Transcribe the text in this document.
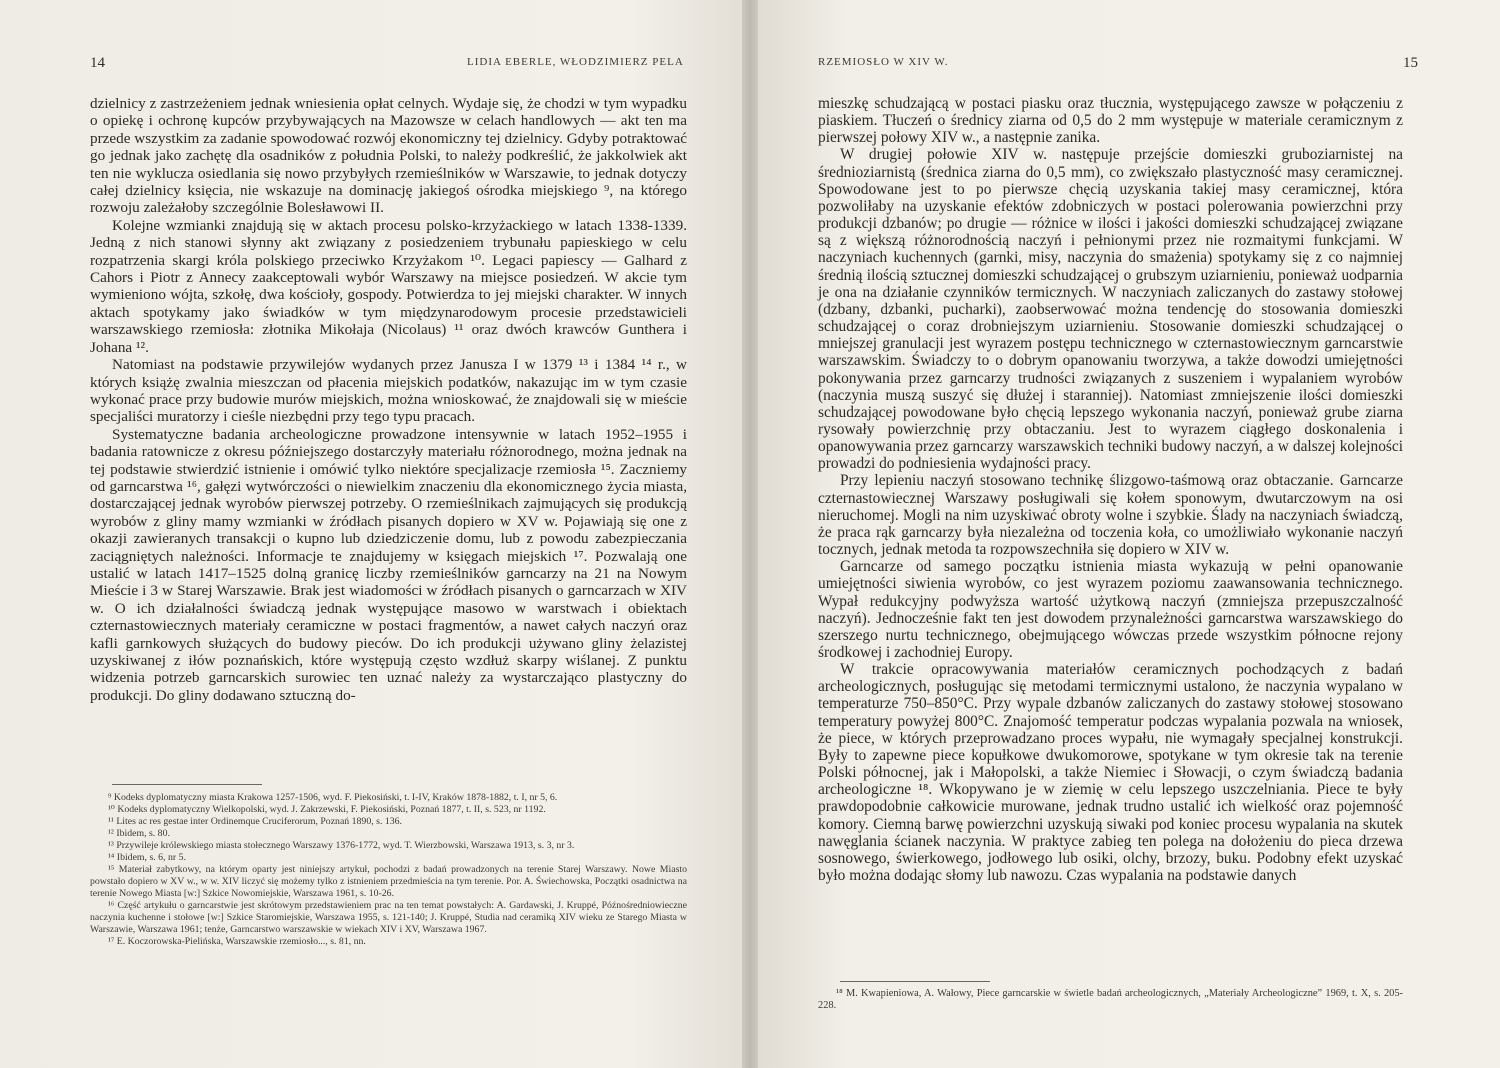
14	LIDIA EBERLE, WŁODZIMIERZ PELA

dzielnicy z zastrzeżeniem jednak wniesienia opłat celnych. Wydaje się, że chodzi w tym wypadku o opiekę i ochronę kupców przybywających na Mazowsze w celach handlowych — akt ten ma przede wszystkim za zadanie spowodować rozwój ekonomiczny tej dzielnicy. Gdyby potraktować go jednak jako zachętę dla osadników z południa Polski, to należy podkreślić, że jakkolwiek akt ten nie wyklucza osiedlania się nowo przybyłych rzemieślników w Warszawie, to jednak dotyczy całej dzielnicy księcia, nie wskazuje na dominację jakiegoś ośrodka miejskiego ⁹, na którego rozwoju zależałoby szczególnie Bolesławowi II.

Kolejne wzmianki znajdują się w aktach procesu polsko-krzyżackiego w latach 1338-1339. Jedną z nich stanowi słynny akt związany z posiedzeniem trybunału papieskiego w celu rozpatrzenia skargi króla polskiego przeciwko Krzyżakom ¹⁰. Legaci papiescy — Galhard z Cahors i Piotr z Annecy zaakceptowali wybór Warszawy na miejsce posiedzeń. W akcie tym wymieniono wójta, szkołę, dwa kościoły, gospody. Potwierdza to jej miejski charakter. W innych aktach spotykamy jako świadków w tym międzynarodowym procesie przedstawicieli warszawskiego rzemiosła: złotnika Mikołaja (Nicolaus) ¹¹ oraz dwóch krawców Gunthera i Johana ¹².

Natomiast na podstawie przywilejów wydanych przez Janusza I w 1379 ¹³ i 1384 ¹⁴ r., w których książę zwalnia mieszczan od płacenia miejskich podatków, nakazując im w tym czasie wykonać prace przy budowie murów miejskich, można wnioskować, że znajdowali się w mieście specjaliści muratorzy i cieśle niezbędni przy tego typu pracach.

Systematyczne badania archeologiczne prowadzone intensywnie w latach 1952–1955 i badania ratownicze z okresu późniejszego dostarczyły materiału różnorodnego, można jednak na tej podstawie stwierdzić istnienie i omówić tylko niektóre specjalizacje rzemiosła ¹⁵. Zaczniemy od garncarstwa ¹⁶, gałęzi wytwórczości o niewielkim znaczeniu dla ekonomicznego życia miasta, dostarczającej jednak wyrobów pierwszej potrzeby. O rzemieślnikach zajmujących się produkcją wyrobów z gliny mamy wzmianki w źródłach pisanych dopiero w XV w. Pojawiają się one z okazji zawieranych transakcji o kupno lub dziedziczenie domu, lub z powodu zabezpieczania zaciągniętych należności. Informacje te znajdujemy w księgach miejskich ¹⁷. Pozwalają one ustalić w latach 1417–1525 dolną granicę liczby rzemieślników garncarzy na 21 na Nowym Mieście i 3 w Starej Warszawie. Brak jest wiadomości w źródłach pisanych o garncarzach w XIV w. O ich działalności świadczą jednak występujące masowo w warstwach i obiektach czternastowiecznych materiały ceramiczne w postaci fragmentów, a nawet całych naczyń oraz kafli garnkowych służących do budowy pieców. Do ich produkcji używano gliny żelazistej uzyskiwanej z iłów poznańskich, które występują często wzdłuż skarpy wiślanej. Z punktu widzenia potrzeb garncarskich surowiec ten uznać należy za wystarczająco plastyczny do produkcji. Do gliny dodawano sztuczną do-

⁹ Kodeks dyplomatyczny miasta Krakowa 1257-1506, wyd. F. Piekosiński, t. I-IV, Kraków 1878-1882, t. I, nr 5, 6.

¹⁰ Kodeks dyplomatyczny Wielkopolski, wyd. J. Zakrzewski, F. Piekosiński, Poznań 1877, t. II, s. 523, nr 1192.

¹¹ Lites ac res gestae inter Ordinemque Cruciferorum, Poznań 1890, s. 136.

¹² Ibidem, s. 80.

¹³ Przywileje królewskiego miasta stołecznego Warszawy 1376-1772, wyd. T. Wierzbowski, Warszawa 1913, s. 3, nr 3.

¹⁴ Ibidem, s. 6, nr 5.

¹⁵ Materiał zabytkowy, na którym oparty jest niniejszy artykuł, pochodzi z badań prowadzonych na terenie Starej Warszawy. Nowe Miasto powstało dopiero w XV w., w w. XIV liczyć się możemy tylko z istnieniem przedmieścia na tym terenie. Por. A. Świechowska, Początki osadnictwa na terenie Nowego Miasta [w:] Szkice Nowomiejskie, Warszawa 1961, s. 10-26.

¹⁶ Część artykułu o garncarstwie jest skrótowym przedstawieniem prac na ten temat powstałych: A. Gardawski, J. Kruppé, Późnośredniowieczne naczynia kuchenne i stołowe [w:] Szkice Staromiejskie, Warszawa 1955, s. 121-140; J. Kruppé, Studia nad ceramiką XIV wieku ze Starego Miasta w Warszawie, Warszawa 1961; tenże, Garncarstwo warszawskie w wiekach XIV i XV, Warszawa 1967.

¹⁷ E. Koczorowska-Pielińska, Warszawskie rzemiosło..., s. 81, nn.

RZEMIOSŁO W XIV W.	15

mieszkę schudzającą w postaci piasku oraz tłucznia, występującego zawsze w połączeniu z piaskiem. Tłuczeń o średnicy ziarna od 0,5 do 2 mm występuje w materiale ceramicznym z pierwszej połowy XIV w., a następnie zanika.

W drugiej połowie XIV w. następuje przejście domieszki gruboziarnistej na średnioziarnistą (średnica ziarna do 0,5 mm), co zwiększało plastyczność masy ceramicznej. Spowodowane jest to po pierwsze chęcią uzyskania takiej masy ceramicznej, która pozwoliłaby na uzyskanie efektów zdobniczych w postaci polerowania powierzchni przy produkcji dzbanów; po drugie — różnice w ilości i jakości domieszki schudzającej związane są z większą różnorodnością naczyń i pełnionymi przez nie rozmaitymi funkcjami. W naczyniach kuchennych (garnki, misy, naczynia do smażenia) spotykamy się z co najmniej średnią ilością sztucznej domieszki schudzającej o grubszym uziarnieniu, ponieważ uodparnia je ona na działanie czynników termicznych. W naczyniach zaliczanych do zastawy stołowej (dzbany, dzbanki, pucharki), zaobserwować można tendencję do stosowania domieszki schudzającej o coraz drobniejszym uziarnieniu. Stosowanie domieszki schudzającej o mniejszej granulacji jest wyrazem postępu technicznego w czternastowiecznym garncarstwie warszawskim. Świadczy to o dobrym opanowaniu tworzywa, a także dowodzi umiejętności pokonywania przez garncarzy trudności związanych z suszeniem i wypalaniem wyrobów (naczynia muszą suszyć się dłużej i staranniej). Natomiast zmniejszenie ilości domieszki schudzającej powodowane było chęcią lepszego wykonania naczyń, ponieważ grube ziarna rysowały powierzchnię przy obtaczaniu. Jest to wyrazem ciągłego doskonalenia i opanowywania przez garncarzy warszawskich techniki budowy naczyń, a w dalszej kolejności prowadzi do podniesienia wydajności pracy.

Przy lepieniu naczyń stosowano technikę ślizgowo-taśmową oraz obtaczanie. Garncarze czternastowiecznej Warszawy posługiwali się kołem sponowym, dwutarczowym na osi nieruchomej. Mogli na nim uzyskiwać obroty wolne i szybkie. Ślady na naczyniach świadczą, że praca rąk garncarzy była niezależna od toczenia koła, co umożliwiało wykonanie naczyń tocznych, jednak metoda ta rozpowszechniła się dopiero w XIV w.

Garncarze od samego początku istnienia miasta wykazują w pełni opanowanie umiejętności siwienia wyrobów, co jest wyrazem poziomu zaawansowania technicznego. Wypał redukcyjny podwyższa wartość użytkową naczyń (zmniejsza przepuszczalność naczyń). Jednocześnie fakt ten jest dowodem przynależności garncarstwa warszawskiego do szerszego nurtu technicznego, obejmującego wówczas przede wszystkim północne rejony środkowej i zachodniej Europy.

W trakcie opracowywania materiałów ceramicznych pochodzących z badań archeologicznych, posługując się metodami termicznymi ustalono, że naczynia wypalano w temperaturze 750–850°C. Przy wypale dzbanów zaliczanych do zastawy stołowej stosowano temperatury powyżej 800°C. Znajomość temperatur podczas wypalania pozwala na wniosek, że piece, w których przeprowadzano proces wypału, nie wymagały specjalnej konstrukcji. Były to zapewne piece kopułkowe dwukomorowe, spotykane w tym okresie tak na terenie Polski północnej, jak i Małopolski, a także Niemiec i Słowacji, o czym świadczą badania archeologiczne ¹⁸. Wkopywano je w ziemię w celu lepszego uszczelniania. Piece te były prawdopodobnie całkowicie murowane, jednak trudno ustalić ich wielkość oraz pojemność komory. Ciemną barwę powierzchni uzyskują siwaki pod koniec procesu wypalania na skutek nawęglania ścianek naczynia. W praktyce zabieg ten polega na dołożeniu do pieca drzewa sosnowego, świerkowego, jodłowego lub osiki, olchy, brzozy, buku. Podobny efekt uzyskać było można dodając słomy lub nawozu. Czas wypalania na podstawie danych

¹⁸ M. Kwapieniowa, A. Wałowy, Piece garncarskie w świetle badań archeologicznych, „Materiały Archeologiczne” 1969, t. X, s. 205-228.
